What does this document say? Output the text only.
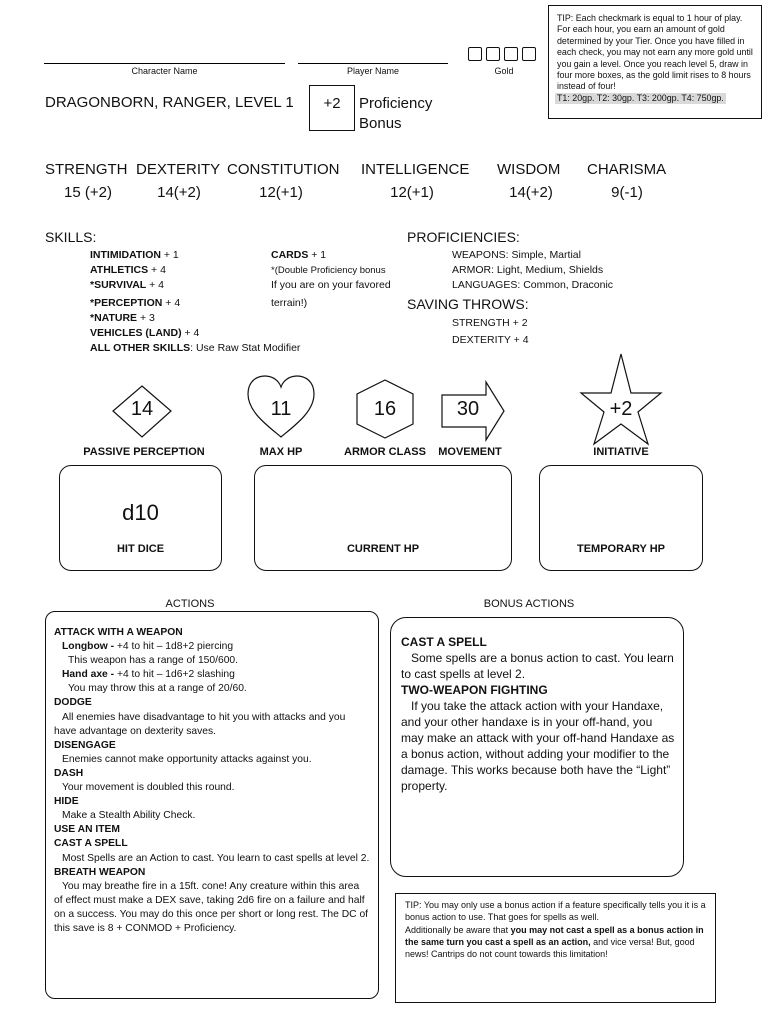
Character Name	Player Name	Gold
TIP: Each checkmark is equal to 1 hour of play. For each hour, you earn an amount of gold determined by your Tier. Once you have filled in each check, you may not earn any more gold until you gain a level. Once you reach level 5, draw in four more boxes, as the gold limit rises to 8 hours instead of four!
T1: 20gp. T2: 30gp. T3: 200gp. T4: 750gp.
DRAGONBORN, RANGER, LEVEL 1	+2	Proficiency
Bonus
STRENGTH
15 (+2)
DEXTERITY
14(+2)
CONSTITUTION
12(+1)
INTELLIGENCE
12(+1)
WISDOM
14(+2)
CHARISMA
9(-1)
SKILLS:
INTIMIDATION + 1
ATHLETICS + 4
*SURVIVAL + 4
*PERCEPTION + 4
*NATURE + 3
VEHICLES (LAND) + 4
ALL OTHER SKILLS: Use Raw Stat Modifier
CARDS + 1
*(Double Proficiency bonus
If you are on your favored
terrain!)
PROFICIENCIES:
WEAPONS: Simple, Martial
ARMOR: Light, Medium, Shields
LANGUAGES: Common, Draconic
SAVING THROWS:
STRENGTH + 2
DEXTERITY + 4
14	11	16	30	+2
PASSIVE PERCEPTION	MAX HP	ARMOR CLASS	MOVEMENT	INITIATIVE
d10
HIT DICE	CURRENT HP	TEMPORARY HP
ACTIONS
ATTACK WITH A WEAPON
Longbow - +4 to hit – 1d8+2 piercing
This weapon has a range of 150/600.
Hand axe - +4 to hit – 1d6+2 slashing
You may throw this at a range of 20/60.
DODGE
All enemies have disadvantage to hit you with attacks and you have advantage on dexterity saves.
DISENGAGE
Enemies cannot make opportunity attacks against you.
DASH
Your movement is doubled this round.
HIDE
Make a Stealth Ability Check.
USE AN ITEM
CAST A SPELL
Most Spells are an Action to cast. You learn to cast spells at level 2.
BREATH WEAPON
You may breathe fire in a 15ft. cone! Any creature within this area of effect must make a DEX save, taking 2d6 fire on a failure and half on a success. You may do this once per short or long rest. The DC of this save is 8 + CONMOD + Proficiency.
BONUS ACTIONS
CAST A SPELL
Some spells are a bonus action to cast. You learn to cast spells at level 2.
TWO-WEAPON FIGHTING
If you take the attack action with your Handaxe, and your other handaxe is in your off-hand, you may make an attack with your off-hand Handaxe as a bonus action, without adding your modifier to the damage. This works because both have the “Light” property.
TIP: You may only use a bonus action if a feature specifically tells you it is a bonus action to use. That goes for spells as well.
Additionally be aware that you may not cast a spell as a bonus action in the same turn you cast a spell as an action, and vice versa! But, good news! Cantrips do not count towards this limitation!
